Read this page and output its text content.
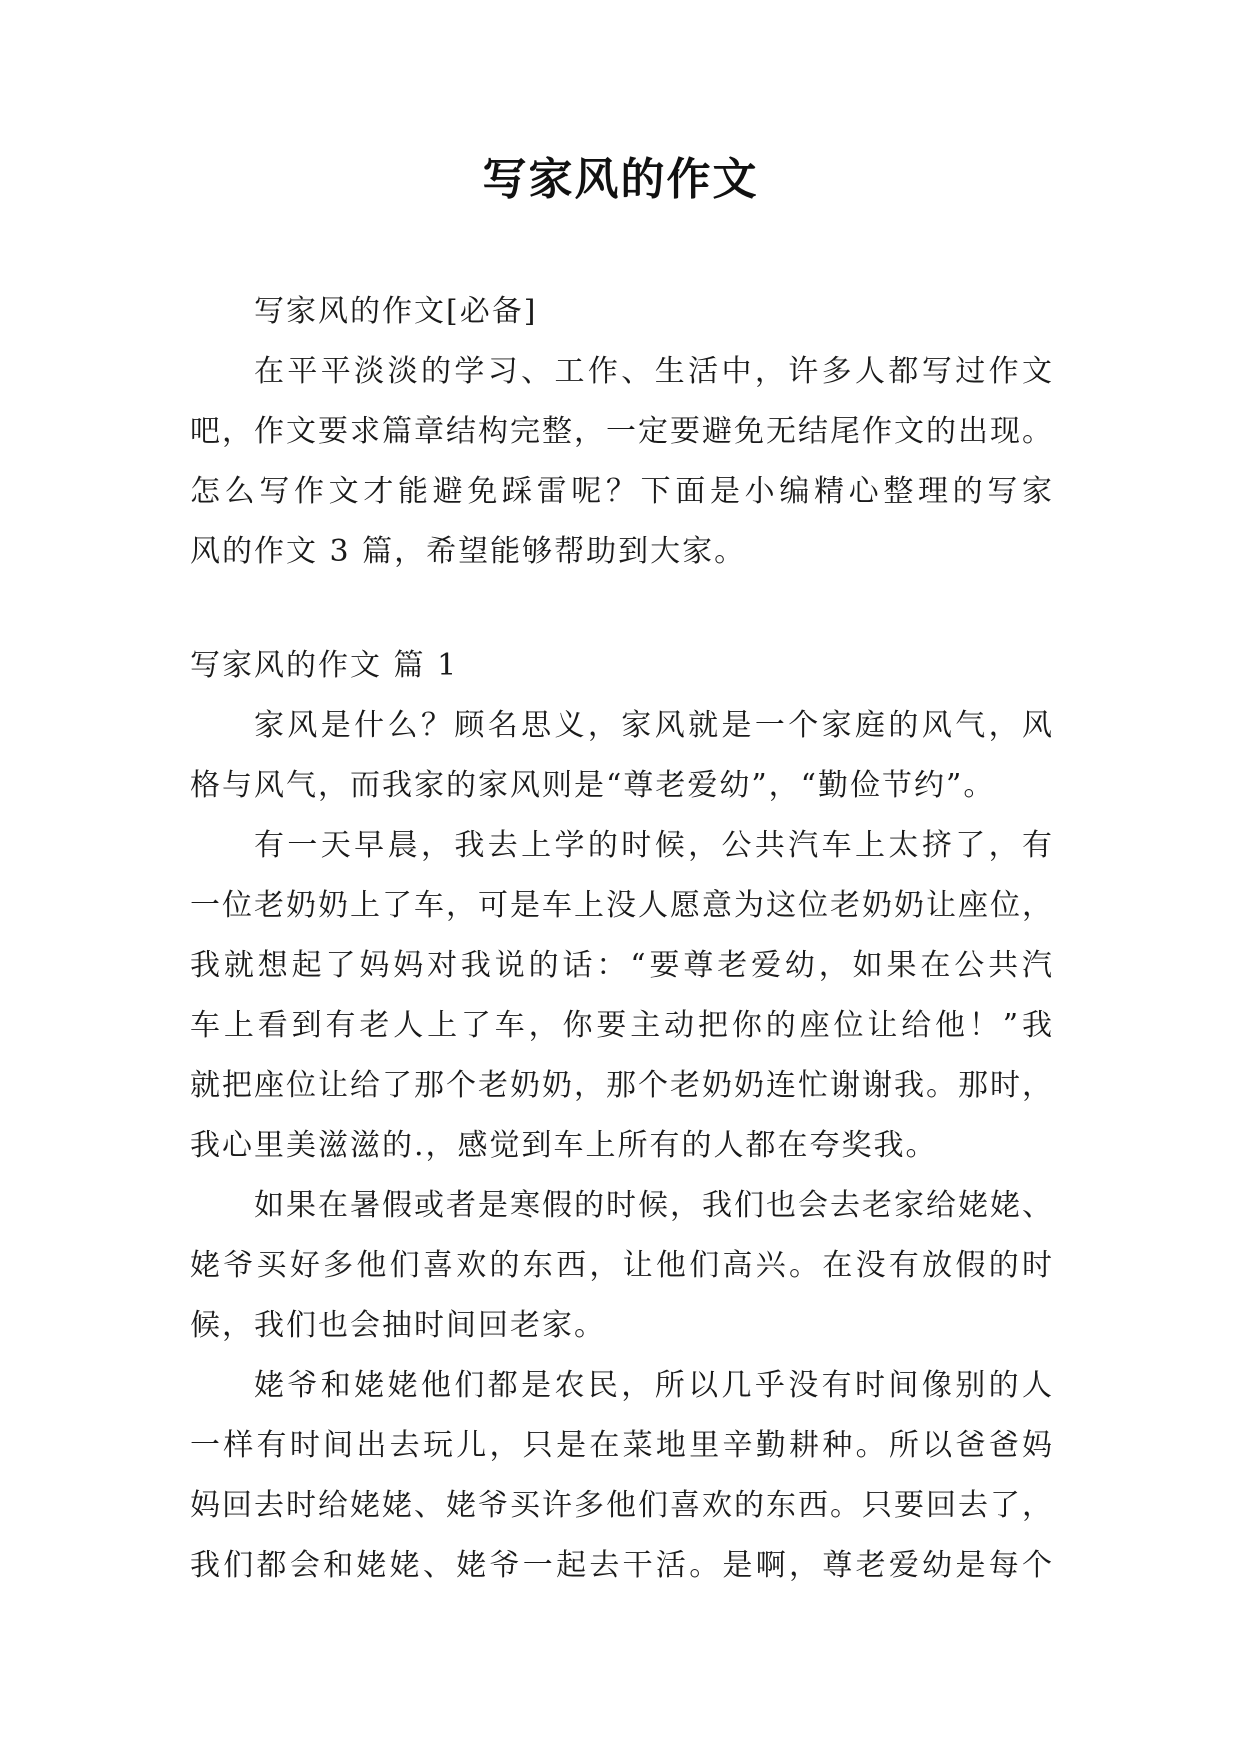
写家风的作文
写家风的作文[必备]
在平平淡淡的学习、工作、生活中，许多人都写过作文
吧，作文要求篇章结构完整，一定要避免无结尾作文的出现。
怎么写作文才能避免踩雷呢？下面是小编精心整理的写家
风的作文 3 篇，希望能够帮助到大家。
写家风的作文 篇 1
家风是什么？顾名思义，家风就是一个家庭的风气，风
格与风气，而我家的家风则是“尊老爱幼”，“勤俭节约”。
有一天早晨，我去上学的时候，公共汽车上太挤了，有
一位老奶奶上了车，可是车上没人愿意为这位老奶奶让座位，
我就想起了妈妈对我说的话：“要尊老爱幼，如果在公共汽
车上看到有老人上了车，你要主动把你的座位让给他！”我
就把座位让给了那个老奶奶，那个老奶奶连忙谢谢我。那时，
我心里美滋滋的.，感觉到车上所有的人都在夸奖我。
如果在暑假或者是寒假的时候，我们也会去老家给姥姥、
姥爷买好多他们喜欢的东西，让他们高兴。在没有放假的时
候，我们也会抽时间回老家。
姥爷和姥姥他们都是农民，所以几乎没有时间像别的人
一样有时间出去玩儿，只是在菜地里辛勤耕种。所以爸爸妈
妈回去时给姥姥、姥爷买许多他们喜欢的东西。只要回去了，
我们都会和姥姥、姥爷一起去干活。是啊，尊老爱幼是每个
